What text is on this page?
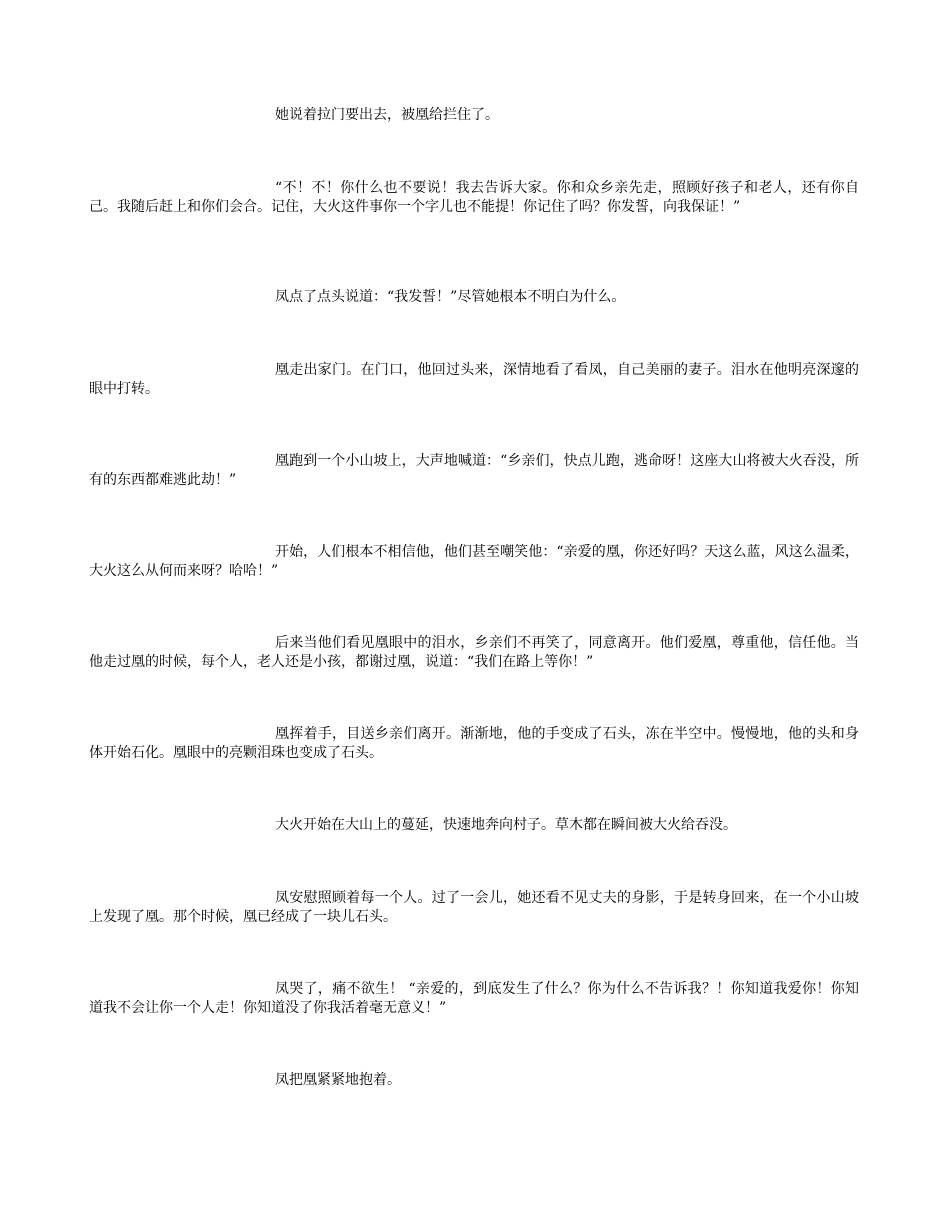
她说着拉门要出去，被凰给拦住了。

“不！不！你什么也不要说！我去告诉大家。你和众乡亲先走，照顾好孩子和老人，还有你自己。我随后赶上和你们会合。记住，大火这件事你一个字儿也不能提！你记住了吗？你发誓，向我保证！”

凤点了点头说道：“我发誓！”尽管她根本不明白为什么。

凰走出家门。在门口，他回过头来，深情地看了看凤，自己美丽的妻子。泪水在他明亮深邃的眼中打转。

凰跑到一个小山坡上，大声地喊道：“乡亲们，快点儿跑，逃命呀！这座大山将被大火吞没，所有的东西都难逃此劫！”

开始，人们根本不相信他，他们甚至嘲笑他：“亲爱的凰，你还好吗？天这么蓝，风这么温柔，大火这么从何而来呀？哈哈！”

后来当他们看见凰眼中的泪水，乡亲们不再笑了，同意离开。他们爱凰，尊重他，信任他。当他走过凰的时候，每个人，老人还是小孩，都谢过凰，说道：“我们在路上等你！”

凰挥着手，目送乡亲们离开。渐渐地，他的手变成了石头，冻在半空中。慢慢地，他的头和身体开始石化。凰眼中的亮颗泪珠也变成了石头。

大火开始在大山上的蔓延，快速地奔向村子。草木都在瞬间被大火给吞没。

凤安慰照顾着每一个人。过了一会儿，她还看不见丈夫的身影，于是转身回来，在一个小山坡上发现了凰。那个时候，凰已经成了一块儿石头。

凤哭了，痛不欲生！ “亲爱的，到底发生了什么？你为什么不告诉我？！你知道我爱你！你知道我不会让你一个人走！你知道没了你我活着毫无意义！”

凤把凰紧紧地抱着。
